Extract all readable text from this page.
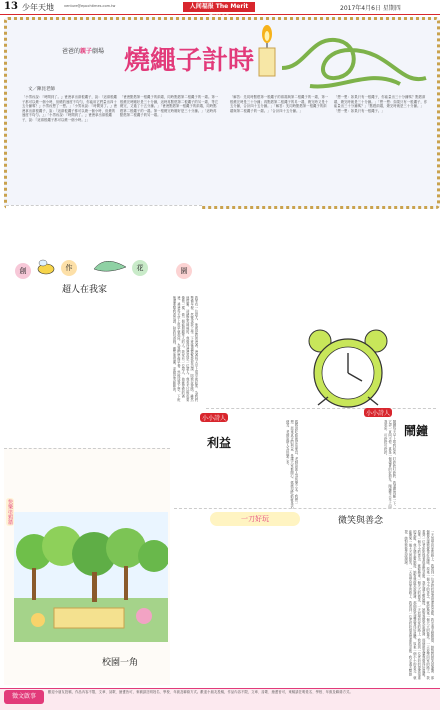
13 少年天地	venture@epochtimes.com.tw	人间福报 The Merit	2017年4月6日 星期四
爸爸的親子劇場 燒繩子計時
文／陳昆老師
「小男孩說：『時間到了。』爸爸拿出兩根繩子，說：『這兩根繩子都可以燒一個小時，但燒的速度不均勻，你能用它們量出四十五分鐘嗎？』小男孩想了一想。」「小男孩說：『時間到了。』爸爸拿出兩根繩子，說：『這兩根繩子都可以燒一個小時，但燒的速度不均勻。』」「小男孩說：『時間到了。』爸爸拿出兩根繩子，說：『這兩根繩子都可以燒一個小時。』」
「爸爸點燃第一根繩子的兩端，同時點燃第二根繩子的一端。第一根燒完時剛好是三十分鐘，這時再點燃第二根繩子的另一端，等它燒完，又過了十五分鐘。」「爸爸點燃第一根繩子的兩端，同時點燃第二根繩子的一端。第一根燒完時剛好是三十分鐘。」「這時再點燃第二根繩子的另一端。」
「解答：先同時點燃第一根繩子的兩端與第二根繩子的一端，第一根燒完時是三十分鐘；再點燃第二根繩子的另一端，燒完時又是十五分鐘，合計四十五分鐘。」「解答：先同時點燃第一根繩子的兩端與第二根繩子的一端。」「合計四十五分鐘。」
「想一想：如果只有一根繩子，你能量出三十分鐘嗎？點燃兩端，燒完時就是三十分鐘。」「想一想：如果只有一根繩子，你能量出三十分鐘嗎？」「點燃兩端，燒完時就是三十分鐘。」「想一想：如果只有一根繩子。」
創	作	花	園
超人在我家
我家有一位超人，他就是我的爸爸。爸爸每天早上很早就起床，為我們準備早餐，然後送我上學。下班後還要幫我看功課，陪我玩遊戲。雖然他很累，卻總是笑咪咪的。我覺得爸爸真是一位超人，我長大以後也要像他一樣，做一個能照顧家人的人。我家有一位超人，他就是我的爸爸。爸爸每天早上很早就起床，為我們準備早餐，然後送我上學。下班後還要幫我看功課，陪我玩遊戲。雖然他很累，卻總是笑咪咪的。
小小詩人
小小詩人
利益
鬧鐘
媽媽說吃虧就是佔便宜，老師說助人為快樂之本，我想一想，原來真正的利益，是讓大家都開心。媽媽說吃虧就是佔便宜，老師說助人為快樂之本。	鬧鐘每天早上叫我起床，叮鈴鈴叮鈴鈴，我還想再睡一下，它卻一直叫不停，真是一個盡責的好朋友。鬧鐘每天早上叫我起床，叮鈴鈴叮鈴鈴。
快樂塗鴉牆
校園一角
一刀好玩	微笑與善念
一天放學回家的路上，我看到一位老奶奶提著很重的菜籃，我走過去幫她提，她對我微笑說謝謝，那個微笑讓我覺得好溫暖。原來一個小小的善念，就能換來一個大大的微笑。一天放學回家的路上，我看到一位老奶奶提著很重的菜籃，我走過去幫她提，她對我微笑說謝謝，那個微笑讓我覺得好溫暖。原來一個小小的善念，就能換來一個大大的微笑。一天放學回家的路上，我看到一位老奶奶提著很重的菜籃，我走過去幫她提，她對我微笑說謝謝，那個微笑讓我覺得好溫暖。原來一個小小的善念，就能換來一個大大的微笑。一天放學回家的路上，我看到一位老奶奶提著很重的菜籃，我走過去幫她提，她對我微笑說謝謝。
徵文啟事
歡迎小朋友投稿，作品內容不限，文章、詩歌、繪畫皆可，來稿請註明姓名、學校、年級及聯絡方式。歡迎小朋友投稿，作品內容不限，文章、詩歌、繪畫皆可，來稿請註明姓名、學校、年級及聯絡方式。
